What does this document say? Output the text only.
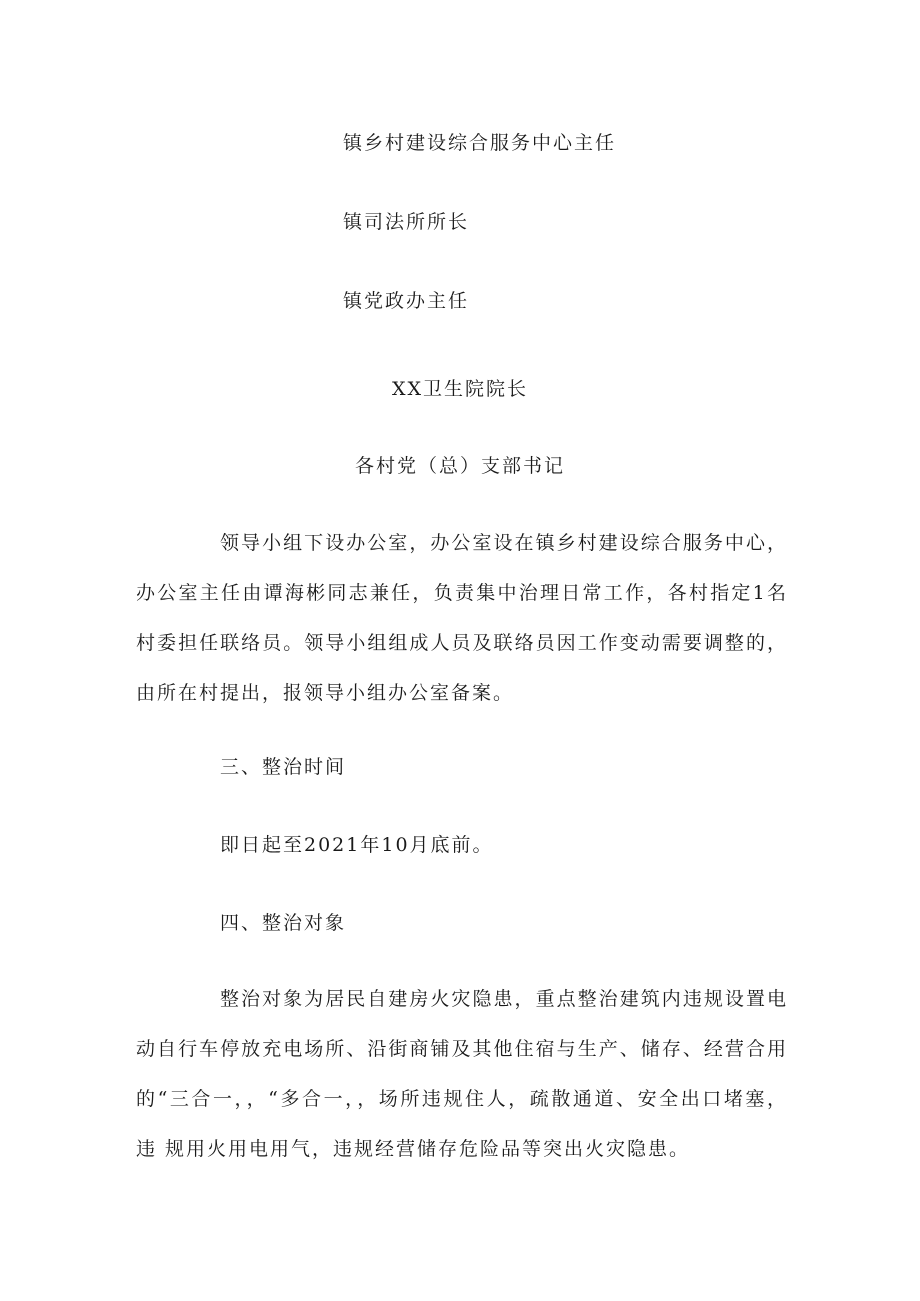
镇乡村建设综合服务中心主任
镇司法所所长
镇党政办主任
XX卫生院院长
各村党（总）支部书记
领导小组下设办公室，办公室设在镇乡村建设综合服务中心， 办公室主任由谭海彬同志兼任，负责集中治理日常工作，各村指定1名 村委担任联络员。领导小组组成人员及联络员因工作变动需要调整的， 由所在村提出，报领导小组办公室备案。
三、整治时间
即日起至2021年10月底前。
四、整治对象
整治对象为居民自建房火灾隐患，重点整治建筑内违规设置电 动自行车停放充电场所、沿街商铺及其他住宿与生产、储存、经营合用 的“三合一，，“多合一，，场所违规住人，疏散通道、安全出口堵塞，违 规用火用电用气，违规经营储存危险品等突出火灾隐患。
